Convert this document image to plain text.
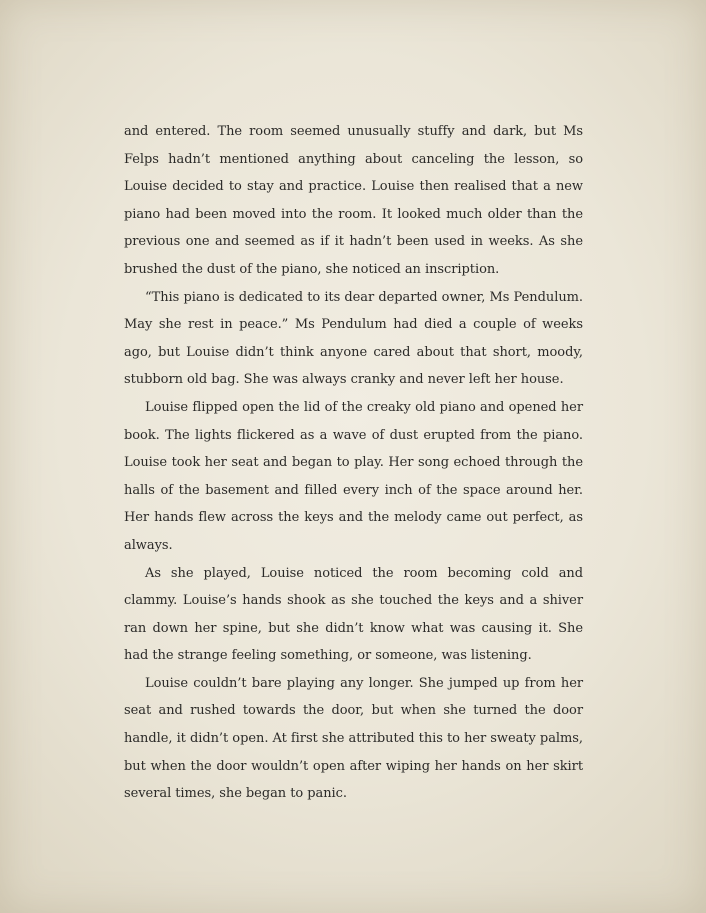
and entered. The room seemed unusually stuffy and dark, but Ms Felps hadn’t mentioned anything about canceling the lesson, so Louise decided to stay and practice. Louise then realised that a new piano had been moved into the room. It looked much older than the previous one and seemed as if it hadn’t been used in weeks. As she brushed the dust of the piano, she noticed an inscription.

“This piano is dedicated to its dear departed owner, Ms Pendulum. May she rest in peace.” Ms Pendulum had died a couple of weeks ago, but Louise didn’t think anyone cared about that short, moody, stubborn old bag. She was always cranky and never left her house.

Louise flipped open the lid of the creaky old piano and opened her book. The lights flickered as a wave of dust erupted from the piano. Louise took her seat and began to play. Her song echoed through the halls of the basement and filled every inch of the space around her. Her hands flew across the keys and the melody came out perfect, as always.

As she played, Louise noticed the room becoming cold and clammy. Louise’s hands shook as she touched the keys and a shiver ran down her spine, but she didn’t know what was causing it. She had the strange feeling something, or someone, was listening.

Louise couldn’t bare playing any longer. She jumped up from her seat and rushed towards the door, but when she turned the door handle, it didn’t open. At first she attributed this to her sweaty palms, but when the door wouldn’t open after wiping her hands on her skirt several times, she began to panic.
